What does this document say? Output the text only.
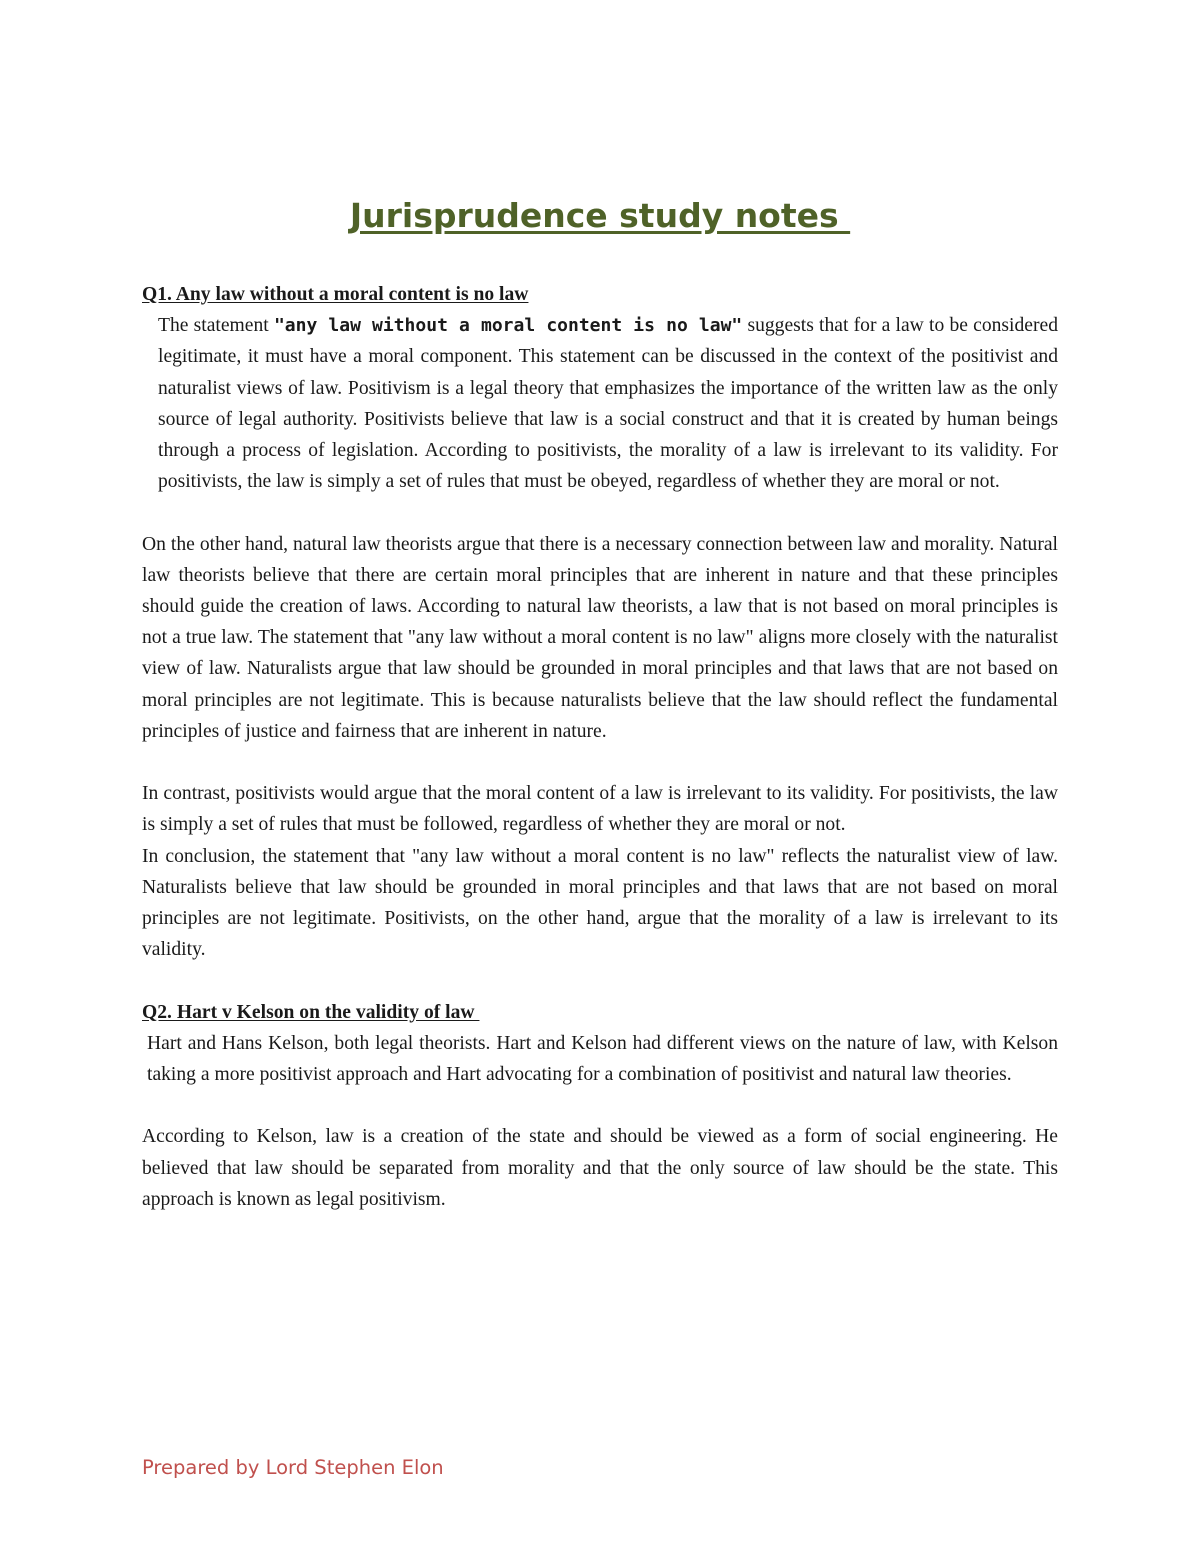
Jurisprudence study notes

Q1. Any law without a moral content is no law

The statement "any law without a moral content is no law" suggests that for a law to be considered legitimate, it must have a moral component. This statement can be discussed in the context of the positivist and naturalist views of law. Positivism is a legal theory that emphasizes the importance of the written law as the only source of legal authority. Positivists believe that law is a social construct and that it is created by human beings through a process of legislation. According to positivists, the morality of a law is irrelevant to its validity. For positivists, the law is simply a set of rules that must be obeyed, regardless of whether they are moral or not.

On the other hand, natural law theorists argue that there is a necessary connection between law and morality. Natural law theorists believe that there are certain moral principles that are inherent in nature and that these principles should guide the creation of laws. According to natural law theorists, a law that is not based on moral principles is not a true law. The statement that "any law without a moral content is no law" aligns more closely with the naturalist view of law. Naturalists argue that law should be grounded in moral principles and that laws that are not based on moral principles are not legitimate. This is because naturalists believe that the law should reflect the fundamental principles of justice and fairness that are inherent in nature.

In contrast, positivists would argue that the moral content of a law is irrelevant to its validity. For positivists, the law is simply a set of rules that must be followed, regardless of whether they are moral or not.

In conclusion, the statement that "any law without a moral content is no law" reflects the naturalist view of law. Naturalists believe that law should be grounded in moral principles and that laws that are not based on moral principles are not legitimate. Positivists, on the other hand, argue that the morality of a law is irrelevant to its validity.

Q2. Hart v Kelson on the validity of law

Hart and Hans Kelson, both legal theorists. Hart and Kelson had different views on the nature of law, with Kelson taking a more positivist approach and Hart advocating for a combination of positivist and natural law theories.

According to Kelson, law is a creation of the state and should be viewed as a form of social engineering. He believed that law should be separated from morality and that the only source of law should be the state. This approach is known as legal positivism.

Prepared by Lord Stephen Elon
